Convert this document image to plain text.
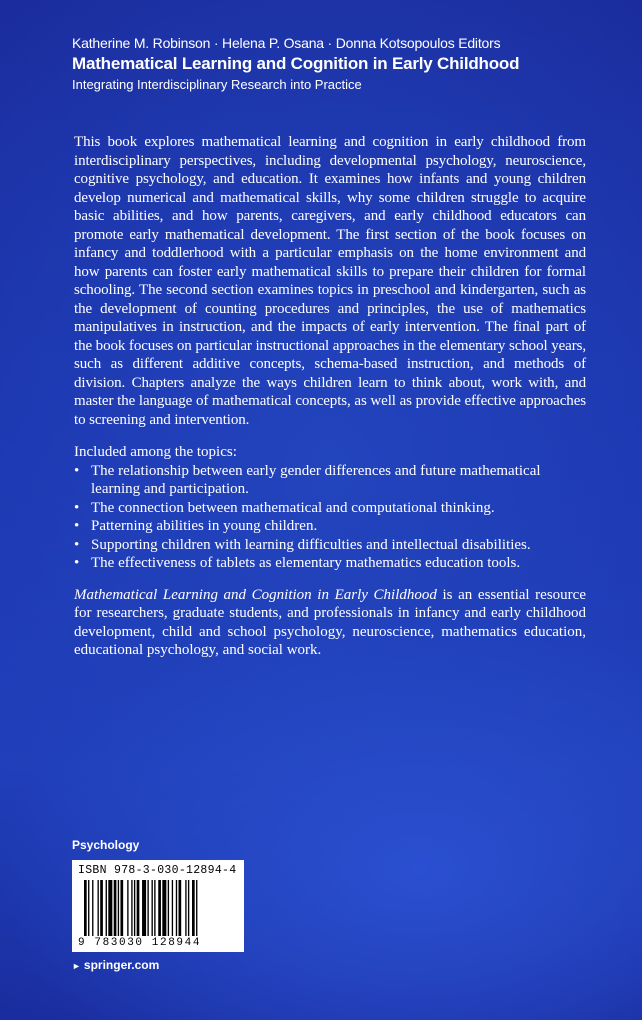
Katherine M. Robinson · Helena P. Osana · Donna Kotsopoulos Editors

Mathematical Learning and Cognition in Early Childhood

Integrating Interdisciplinary Research into Practice

This book explores mathematical learning and cognition in early childhood from interdisciplinary perspectives, including developmental psychology, neuroscience, cognitive psychology, and education. It examines how infants and young children develop numerical and mathematical skills, why some children struggle to acquire basic abilities, and how parents, caregivers, and early childhood educators can promote early mathematical development. The first section of the book focuses on infancy and toddlerhood with a particular emphasis on the home environment and how parents can foster early mathematical skills to prepare their children for formal schooling. The second section examines topics in preschool and kindergarten, such as the development of counting procedures and principles, the use of mathematics manipulatives in instruction, and the impacts of early intervention. The final part of the book focuses on particular instructional approaches in the elementary school years, such as different additive concepts, schema-based instruction, and methods of division. Chapters analyze the ways children learn to think about, work with, and master the language of mathematical concepts, as well as provide effective approaches to screening and intervention.

Included among the topics:

• The relationship between early gender differences and future mathematical learning and participation.
• The connection between mathematical and computational thinking.
• Patterning abilities in young children.
• Supporting children with learning difficulties and intellectual disabilities.
• The effectiveness of tablets as elementary mathematics education tools.

Mathematical Learning and Cognition in Early Childhood is an essential resource for researchers, graduate students, and professionals in infancy and early childhood development, child and school psychology, neuroscience, mathematics education, educational psychology, and social work.

Psychology
ISBN 978-3-030-12894-4
9 783030 128944
► springer.com
